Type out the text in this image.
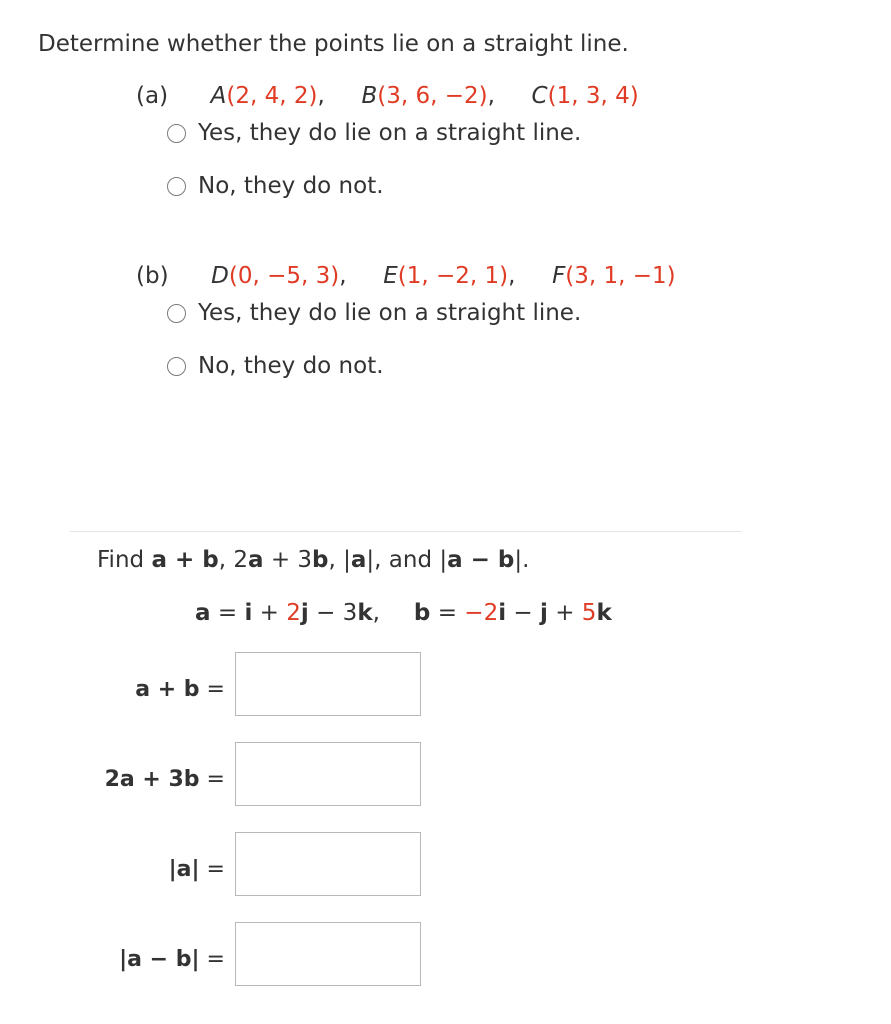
Determine whether the points lie on a straight line.
(a) A(2, 4, 2), B(3, 6, −2), C(1, 3, 4)
Yes, they do lie on a straight line.
No, they do not.
(b) D(0, −5, 3), E(1, −2, 1), F(3, 1, −1)
Yes, they do lie on a straight line.
No, they do not.
Find a + b, 2a + 3b, |a|, and |a − b|.
a = i + 2j − 3k, b = −2i − j + 5k
a + b =
2a + 3b =
|a| =
|a − b| =
